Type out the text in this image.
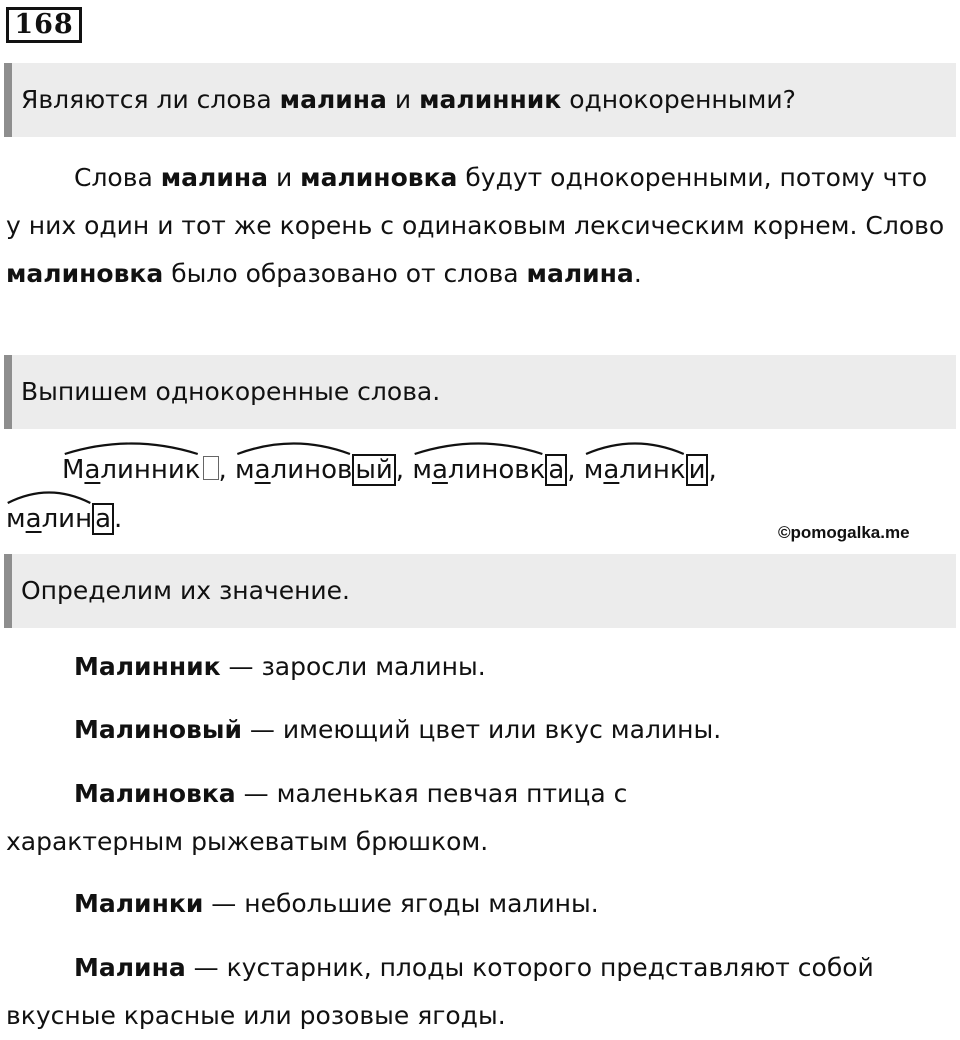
168
Являются ли слова малина и малинник однокоренными?

Слова малина и малиновка будут однокоренными, потому что у них один и тот же корень с одинаковым лексическим корнем. Слово малиновка было образовано от слова малина.

Выпишем однокоренные слова.
Малинник ,
малинов ый ,
малиновк а ,
малинк и ,
малин а .	©pomogalka.me
Определим их значение.

Малинник — заросли малины.

Малиновый — имеющий цвет или вкус малины.

Малиновка — маленькая певчая птица с характерным рыжеватым брюшком.

Малинки — небольшие ягоды малины.

Малина — кустарник, плоды которого представляют собой вкусные красные или розовые ягоды.
